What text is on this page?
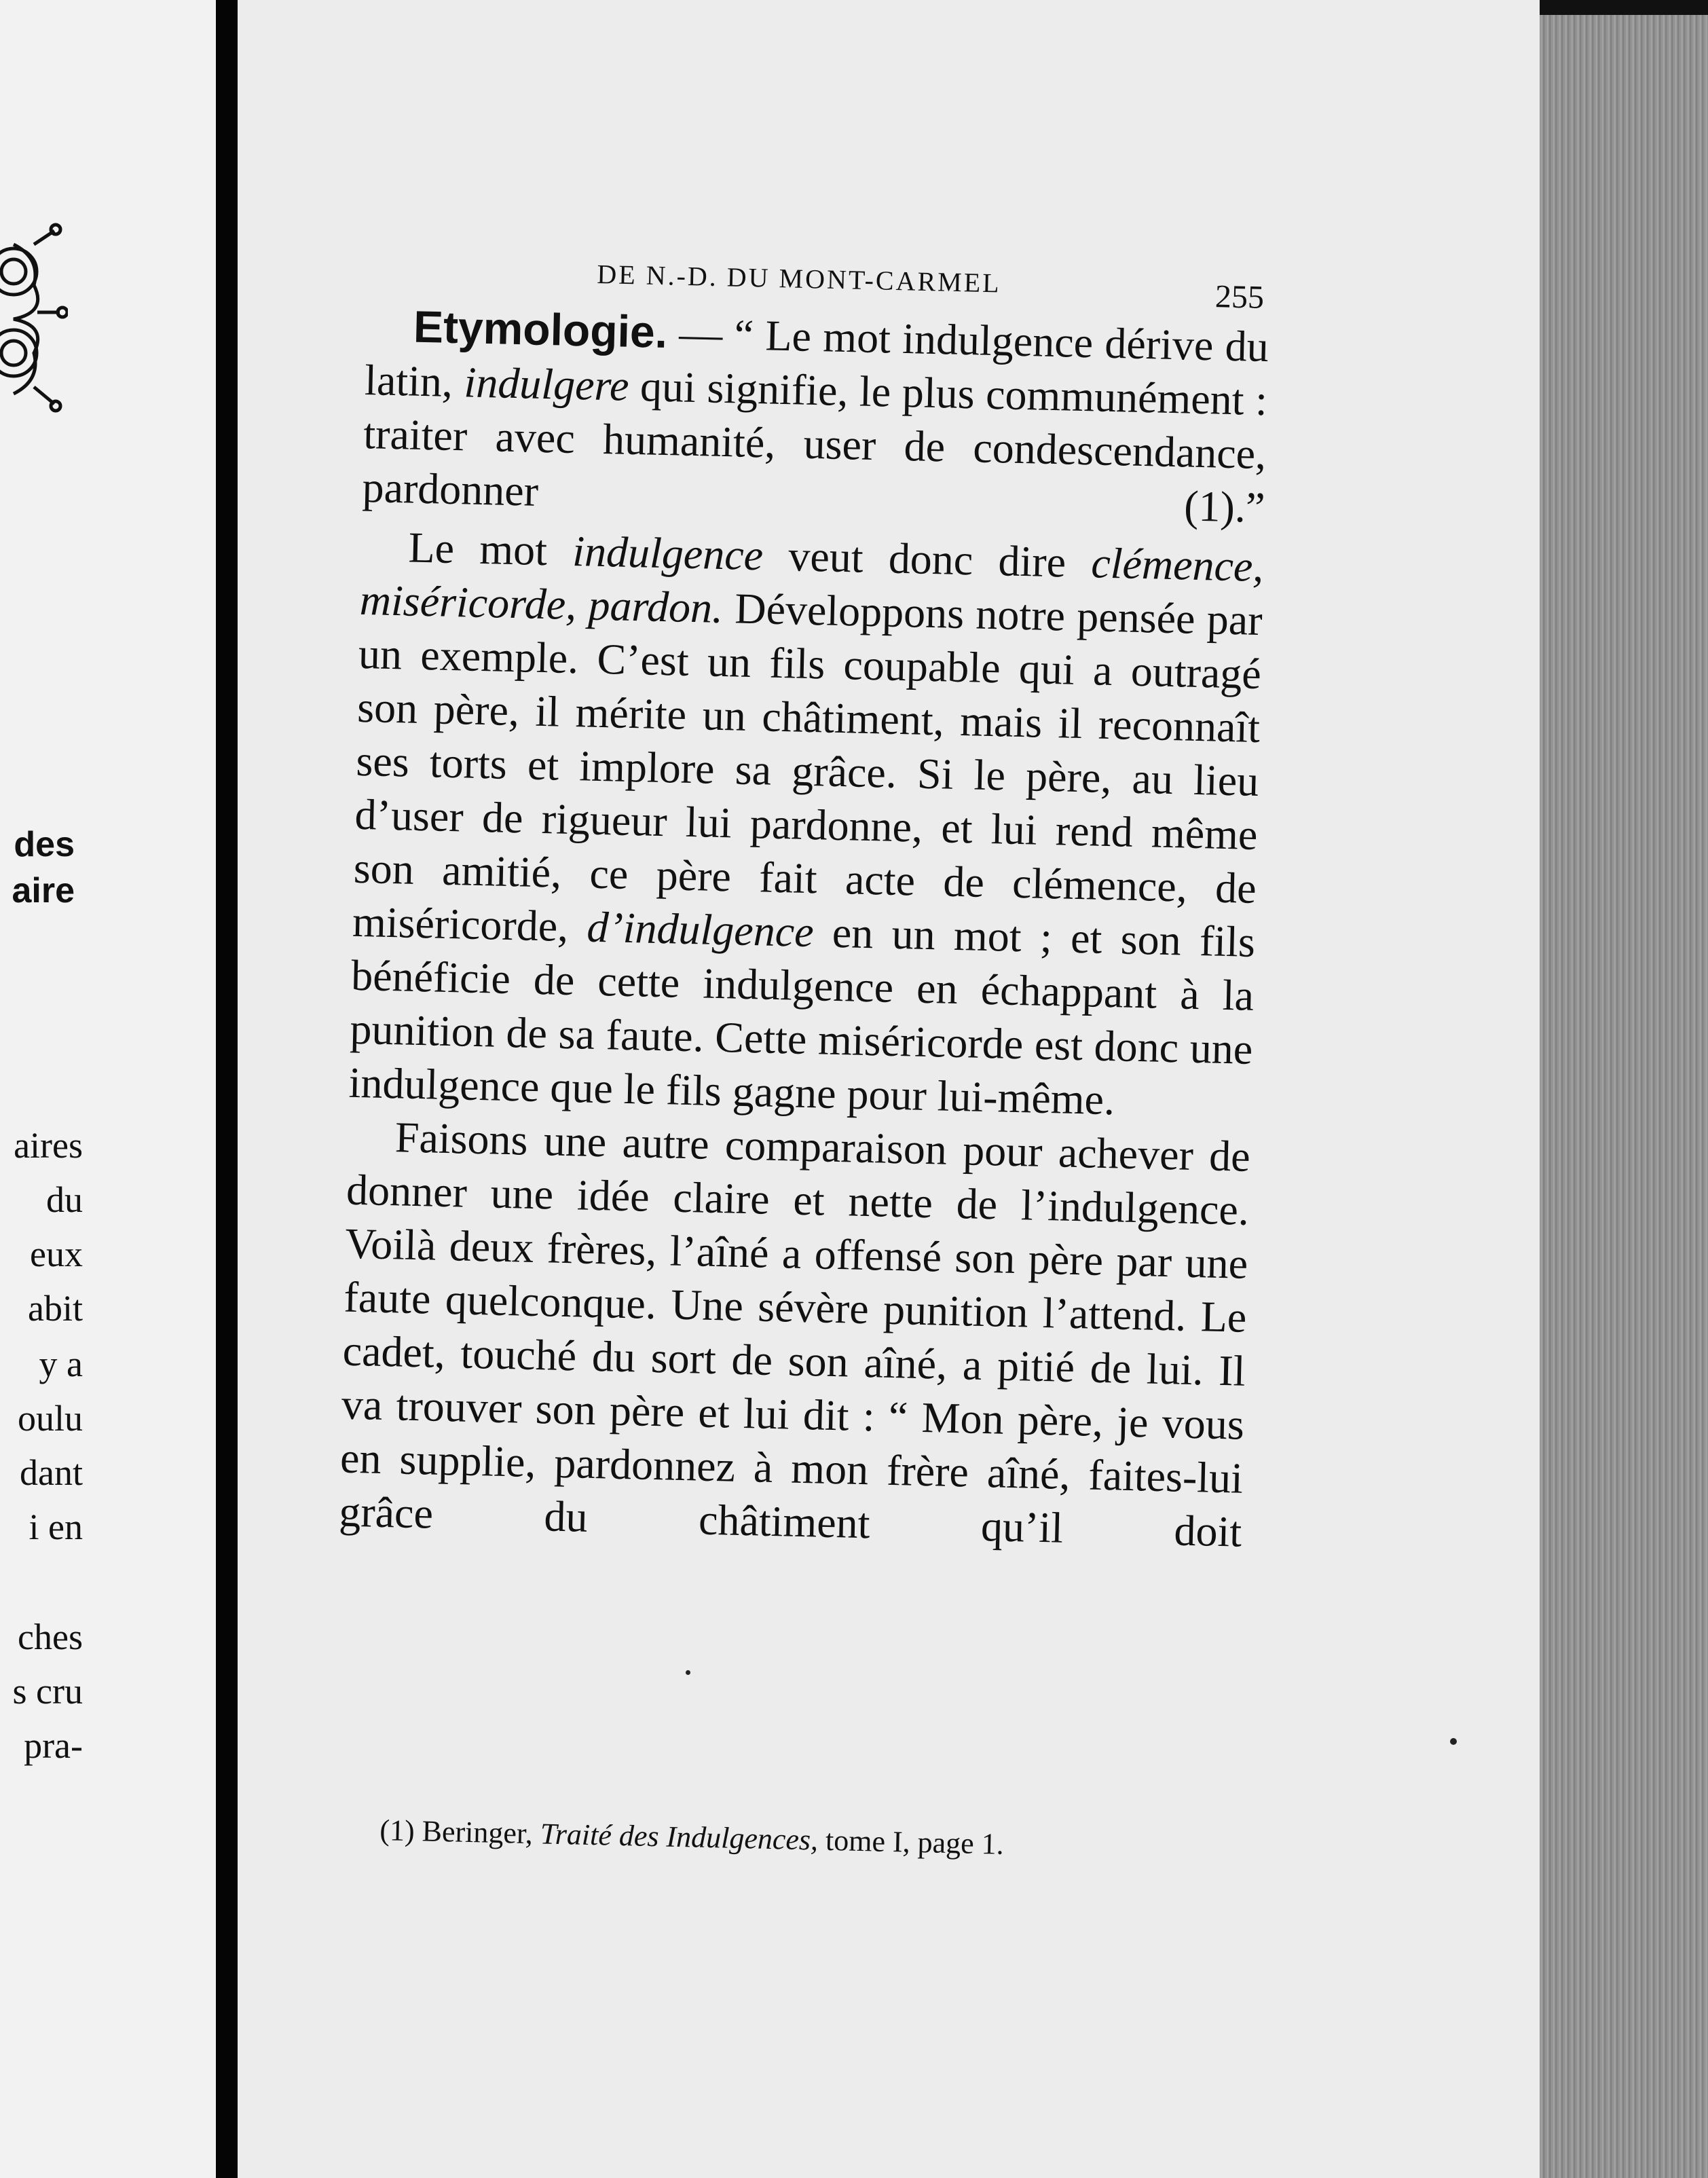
des
aire
aires
du
eux
abit
y a
oulu
dant
i en
ches
s cru
pra-
DE N.-D. DU MONT-CARMEL	255

Etymologie. — “ Le mot indulgence dérive du latin, indulgere qui signifie, le plus communément : traiter avec humanité, user de condescendance, pardonner (1).”

Le mot indulgence veut donc dire clémence, miséricorde, pardon. Développons notre pensée par un exemple. C’est un fils coupable qui a outragé son père, il mérite un châtiment, mais il reconnaît ses torts et implore sa grâce. Si le père, au lieu d’user de rigueur lui pardonne, et lui rend même son amitié, ce père fait acte de clémence, de miséricorde, d’indulgence en un mot ; et son fils bénéficie de cette indulgence en échappant à la punition de sa faute. Cette miséricorde est donc une indulgence que le fils gagne pour lui-même.

Faisons une autre comparaison pour achever de donner une idée claire et nette de l’indulgence. Voilà deux frères, l’aîné a offensé son père par une faute quelconque. Une sévère punition l’attend. Le cadet, touché du sort de son aîné, a pitié de lui. Il va trouver son père et lui dit : “ Mon père, je vous en supplie, pardonnez à mon frère aîné, faites-lui grâce du châtiment qu’il doit

(1) Beringer, Traité des Indulgences, tome I, page 1.
